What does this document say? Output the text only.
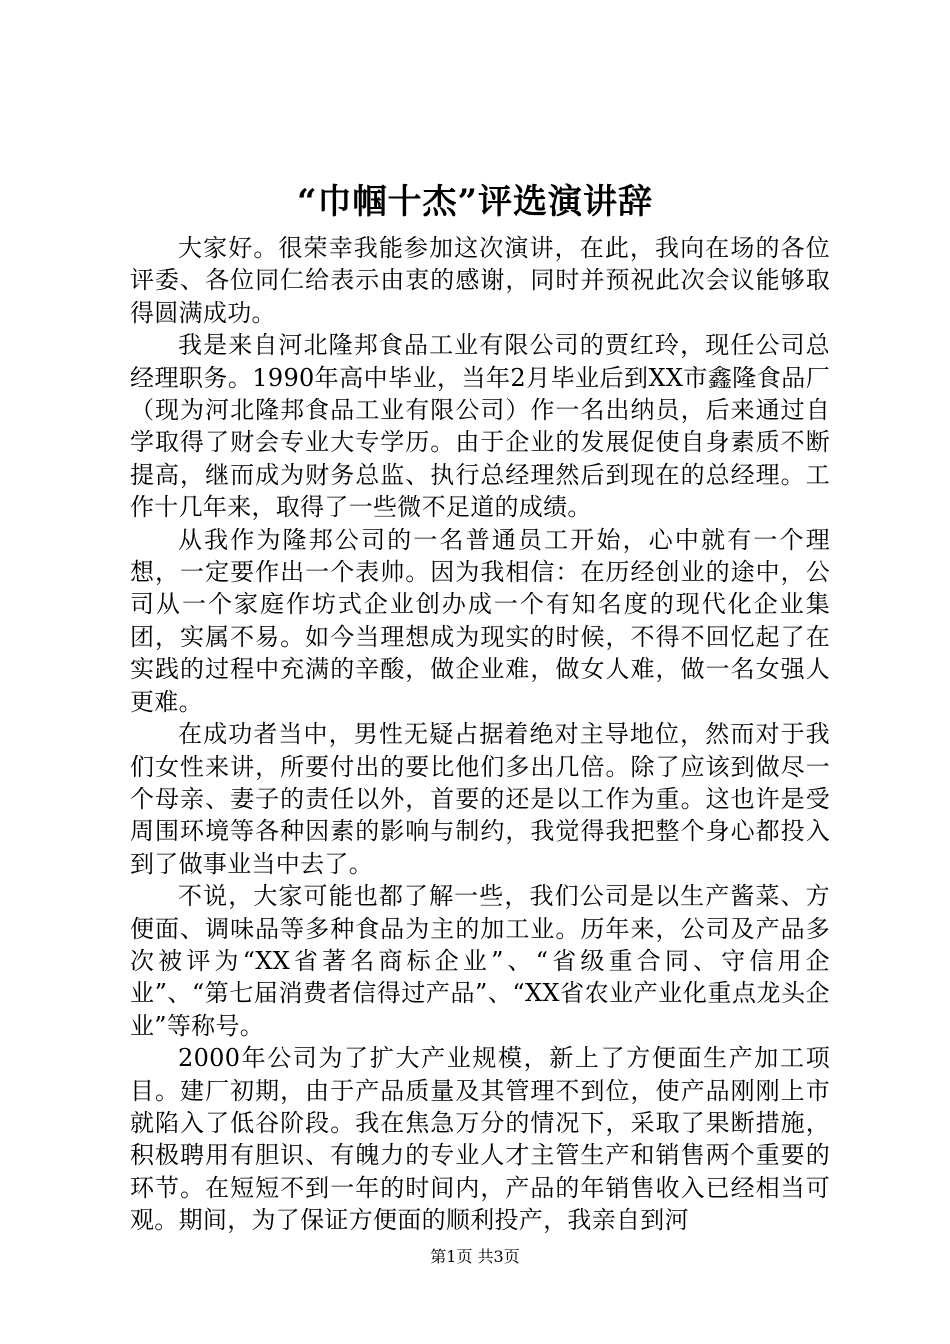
“巾帼十杰”评选演讲辞

大家好。很荣幸我能参加这次演讲，在此，我向在场的各位评委、各位同仁给表示由衷的感谢，同时并预祝此次会议能够取得圆满成功。

我是来自河北隆邦食品工业有限公司的贾红玲，现任公司总经理职务。1990年高中毕业，当年2月毕业后到XX市鑫隆食品厂（现为河北隆邦食品工业有限公司）作一名出纳员，后来通过自学取得了财会专业大专学历。由于企业的发展促使自身素质不断提高，继而成为财务总监、执行总经理然后到现在的总经理。工作十几年来，取得了一些微不足道的成绩。

从我作为隆邦公司的一名普通员工开始，心中就有一个理想，一定要作出一个表帅。因为我相信：在历经创业的途中，公司从一个家庭作坊式企业创办成一个有知名度的现代化企业集团，实属不易。如今当理想成为现实的时候，不得不回忆起了在实践的过程中充满的辛酸，做企业难，做女人难，做一名女强人更难。

在成功者当中，男性无疑占据着绝对主导地位，然而对于我们女性来讲，所要付出的要比他们多出几倍。除了应该到做尽一个母亲、妻子的责任以外，首要的还是以工作为重。这也许是受周围环境等各种因素的影响与制约，我觉得我把整个身心都投入到了做事业当中去了。

不说，大家可能也都了解一些，我们公司是以生产酱菜、方便面、调味品等多种食品为主的加工业。历年来，公司及产品多次被评为“XX省著名商标企业”、“省级重合同、守信用企业”、“第七届消费者信得过产品”、“XX省农业产业化重点龙头企业”等称号。

2000年公司为了扩大产业规模，新上了方便面生产加工项目。建厂初期，由于产品质量及其管理不到位，使产品刚刚上市就陷入了低谷阶段。我在焦急万分的情况下，采取了果断措施，积极聘用有胆识、有魄力的专业人才主管生产和销售两个重要的环节。在短短不到一年的时间内，产品的年销售收入已经相当可观。期间，为了保证方便面的顺利投产，我亲自到河

第1页 共3页
